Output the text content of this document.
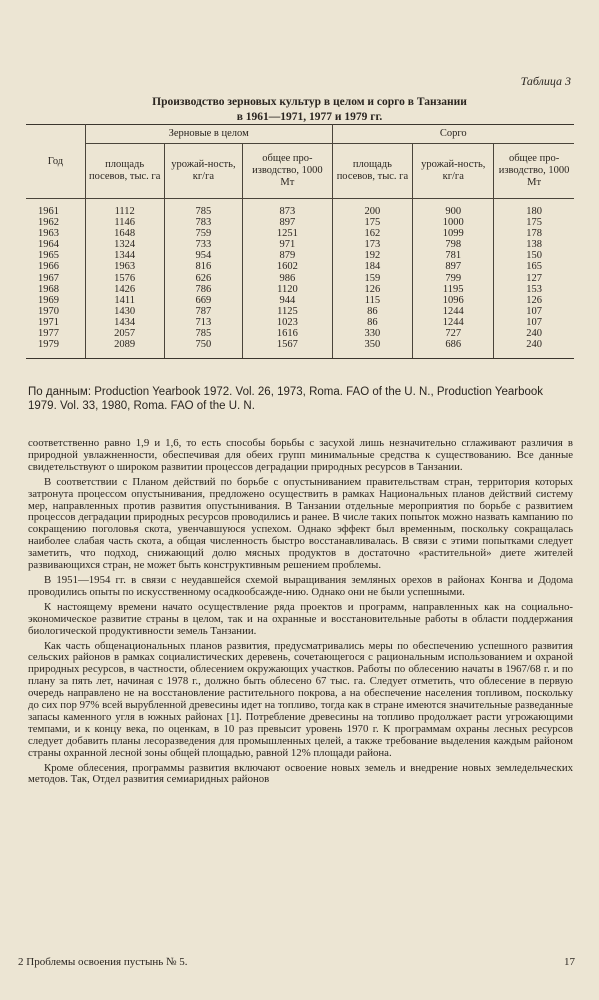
Таблица 3
Производство зерновых культур в целом и сорго в Танзании
в 1961—1971, 1977 и 1979 гг.
Год	Зерновые в целом			Сорго		
	площадь посевов, тыс. га	урожай-ность, кг/га	общее про-изводство, 1000 Мт	площадь посевов, тыс. га	урожай-ность, кг/га	общее про-изводство, 1000 Мт
1961	1112	785	873	200	900	180
1962	1146	783	897	175	1000	175
1963	1648	759	1251	162	1099	178
1964	1324	733	971	173	798	138
1965	1344	954	879	192	781	150
1966	1963	816	1602	184	897	165
1967	1576	626	986	159	799	127
1968	1426	786	1120	126	1195	153
1969	1411	669	944	115	1096	126
1970	1430	787	1125	86	1244	107
1971	1434	713	1023	86	1244	107
1977	2057	785	1616	330	727	240
1979	2089	750	1567	350	686	240
По данным: Production Yearbook 1972. Vol. 26, 1973, Roma. FAO of the U. N., Production Yearbook 1979. Vol. 33, 1980, Roma. FAO of the U. N.

соответственно равно 1,9 и 1,6, то есть способы борьбы с засухой лишь незначительно сглаживают различия в природной увлажненности, обеспечивая для обеих групп минимальные средства к существованию. Все данные свидетельствуют о широком развитии процессов деградации природных ресурсов в Танзании.

В соответствии с Планом действий по борьбе с опустыниванием правительствам стран, территория которых затронута процессом опустынивания, предложено осуществить в рамках Национальных планов действий систему мер, направленных против развития опустынивания. В Танзании отдельные мероприятия по борьбе с развитием процессов деградации природных ресурсов проводились и ранее. В числе таких попыток можно назвать кампанию по сокращению поголовья скота, увенчавшуюся успехом. Однако эффект был временным, поскольку сокращалась наиболее слабая часть скота, а общая численность быстро восстанавливалась. В связи с этими попытками следует заметить, что подход, снижающий долю мясных продуктов в достаточно «растительной» диете жителей развивающихся стран, не может быть конструктивным решением проблемы.

В 1951—1954 гг. в связи с неудавшейся схемой выращивания земляных орехов в районах Конгва и Додома проводились опыты по искусственному осадкообсажде-нию. Однако они не были успешными.

К настоящему времени начато осуществление ряда проектов и программ, направленных как на социально-экономическое развитие страны в целом, так и на охранные и восстановительные работы в области поддержания биологической продуктивности земель Танзании.

Как часть общенациональных планов развития, предусматривались меры по обеспечению успешного развития сельских районов в рамках социалистических деревень, сочетающегося с рациональным использованием и охраной природных ресурсов, в частности, облесением окружающих участков. Работы по облесению начаты в 1967/68 г. и по плану за пять лет, начиная с 1978 г., должно быть облесено 67 тыс. га. Следует отметить, что облесение в первую очередь направлено не на восстановление растительного покрова, а на обеспечение населения топливом, поскольку до сих пор 97% всей вырубленной древесины идет на топливо, тогда как в стране имеются значительные разведанные запасы каменного угля в южных районах [1]. Потребление древесины на топливо продолжает расти угрожающими темпами, и к концу века, по оценкам, в 10 раз превысит уровень 1970 г. К программам охраны лесных ресурсов следует добавить планы лесоразведения для промышленных целей, а также требование выделения каждым районом страны охранной лесной зоны общей площадью, равной 12% площади района.

Кроме облесения, программы развития включают освоение новых земель и внедрение новых земледельческих методов. Так, Отдел развития семиаридных районов

2 Проблемы освоения пустынь № 5.	17
